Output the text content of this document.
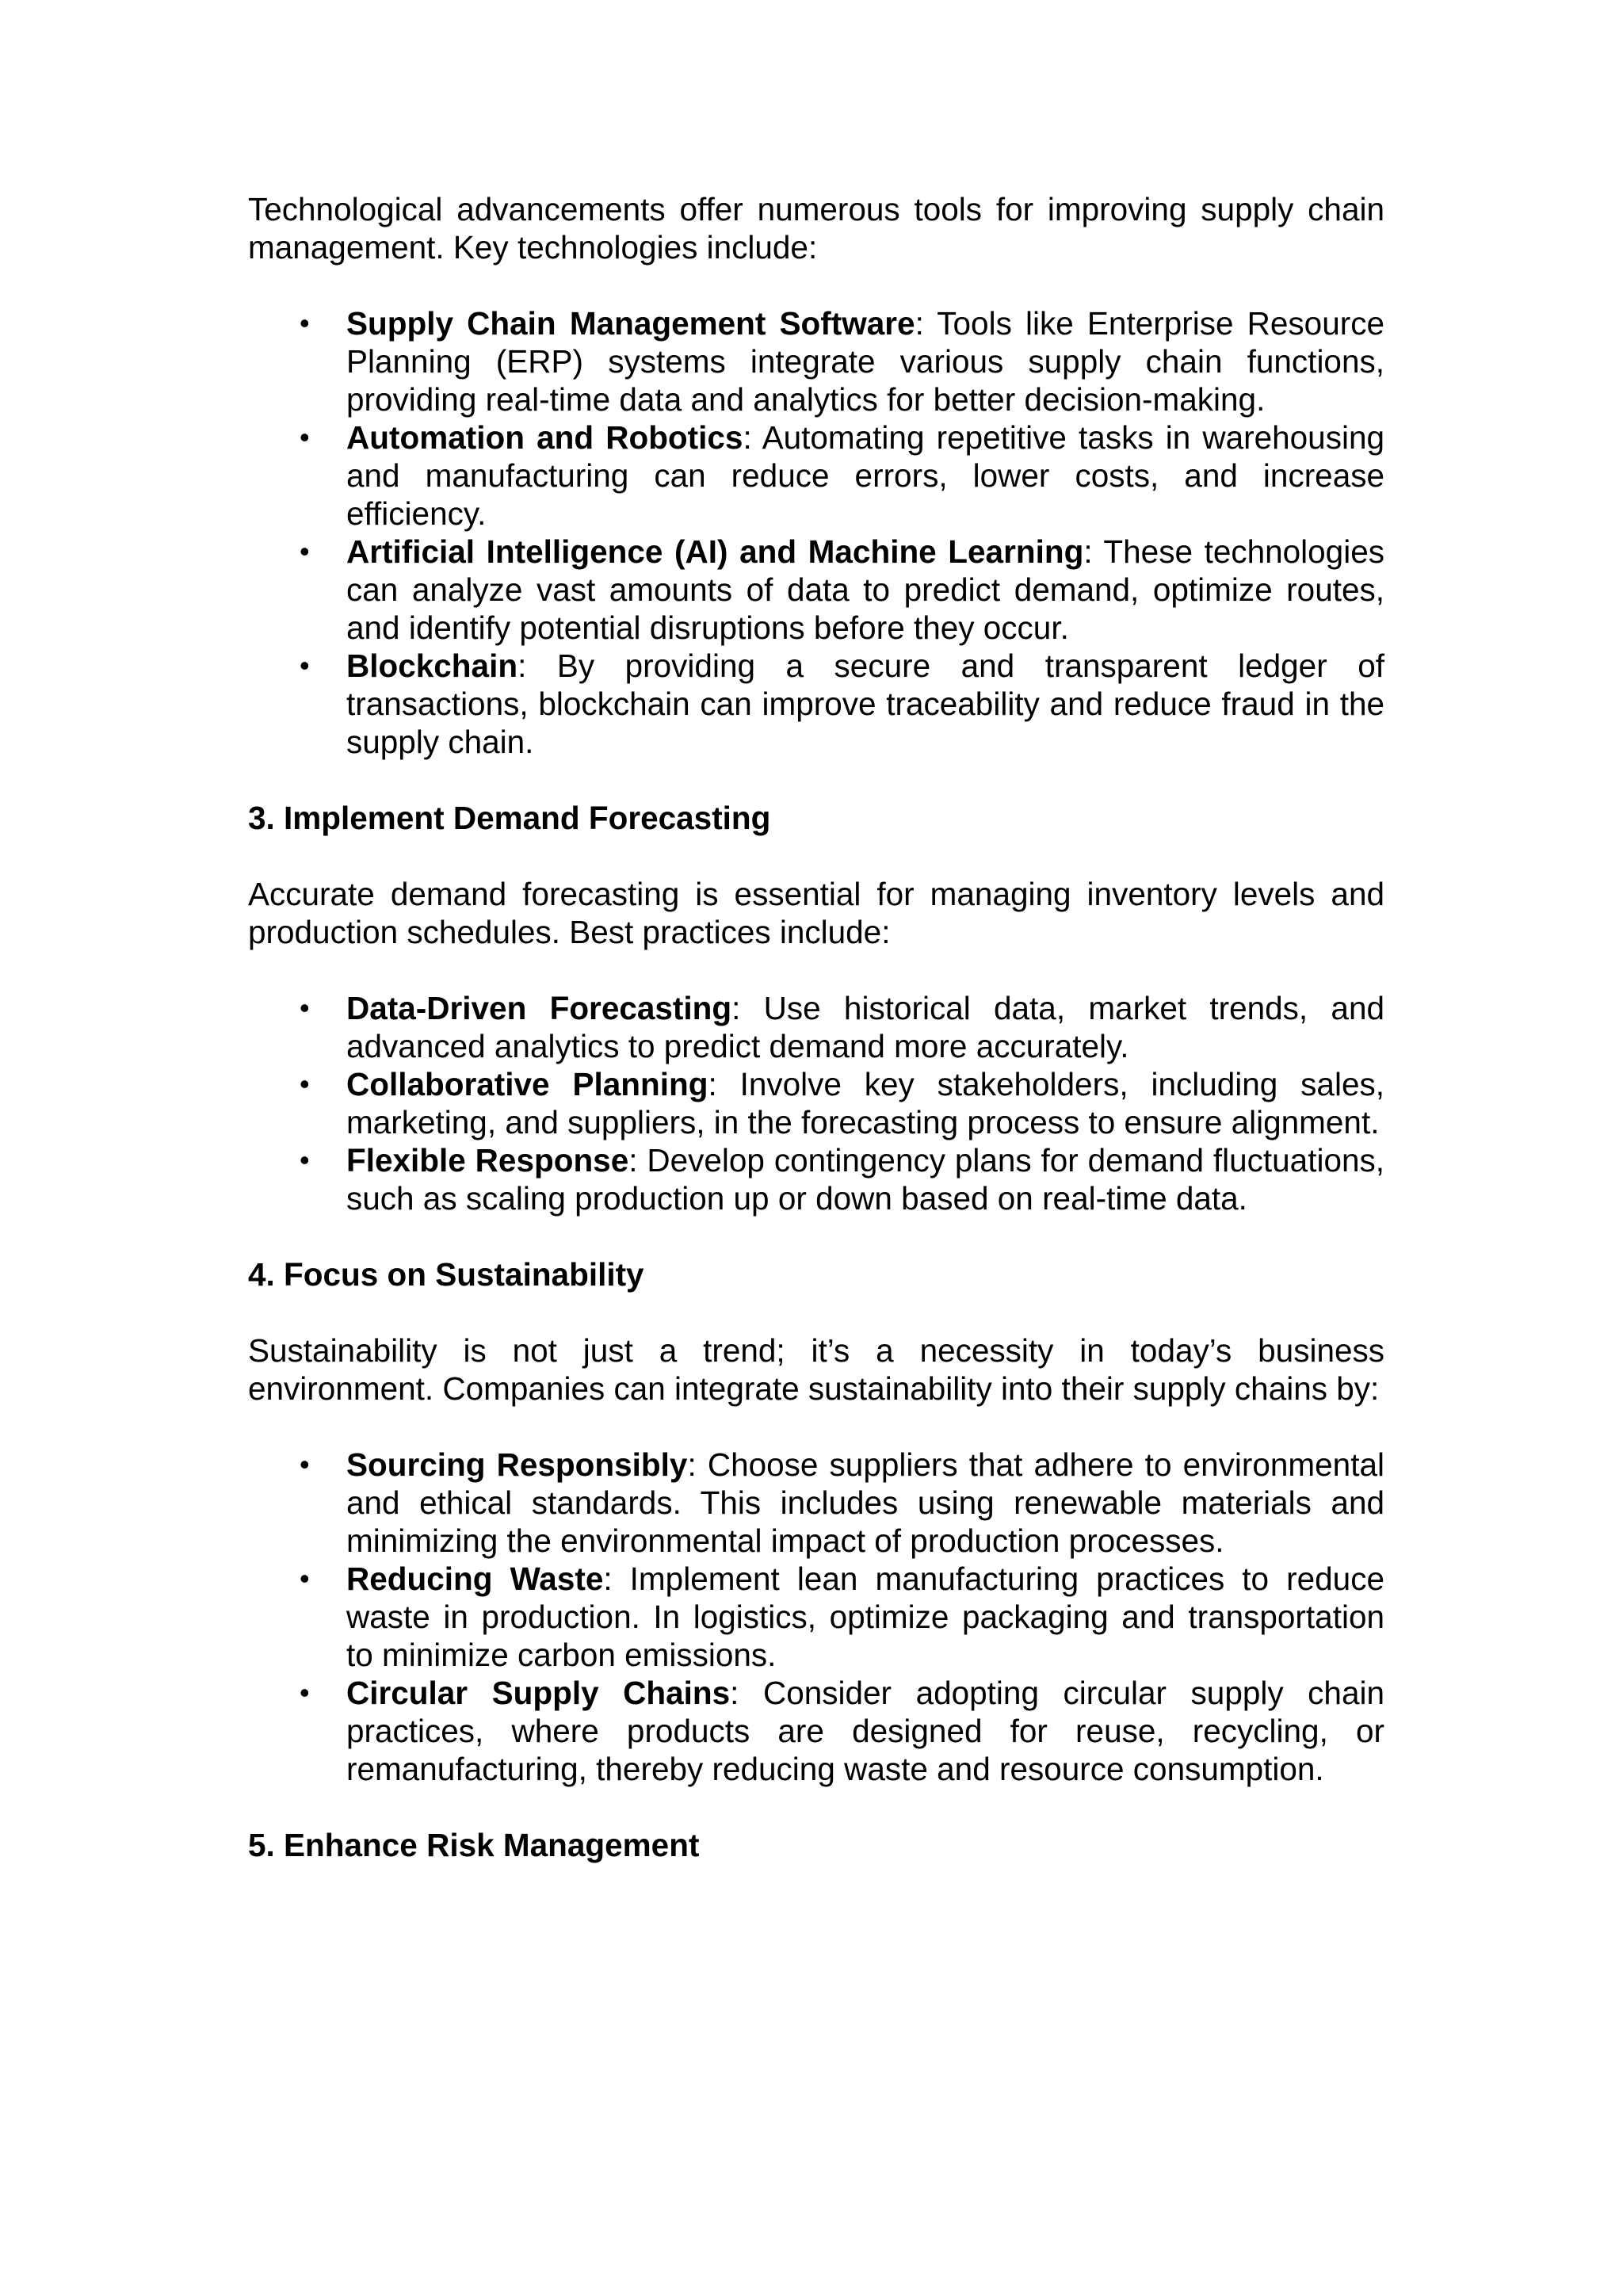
Technological advancements offer numerous tools for improving supply chain management. Key technologies include:

• Supply Chain Management Software: Tools like Enterprise Resource Planning (ERP) systems integrate various supply chain functions, providing real-time data and analytics for better decision-making.
• Automation and Robotics: Automating repetitive tasks in warehousing and manufacturing can reduce errors, lower costs, and increase efficiency.
• Artificial Intelligence (AI) and Machine Learning: These technologies can analyze vast amounts of data to predict demand, optimize routes, and identify potential disruptions before they occur.
• Blockchain: By providing a secure and transparent ledger of transactions, blockchain can improve traceability and reduce fraud in the supply chain.
3. Implement Demand Forecasting

Accurate demand forecasting is essential for managing inventory levels and production schedules. Best practices include:

• Data-Driven Forecasting: Use historical data, market trends, and advanced analytics to predict demand more accurately.
• Collaborative Planning: Involve key stakeholders, including sales, marketing, and suppliers, in the forecasting process to ensure alignment.
• Flexible Response: Develop contingency plans for demand fluctuations, such as scaling production up or down based on real-time data.
4. Focus on Sustainability

Sustainability is not just a trend; it’s a necessity in today’s business environment. Companies can integrate sustainability into their supply chains by:

• Sourcing Responsibly: Choose suppliers that adhere to environmental and ethical standards. This includes using renewable materials and minimizing the environmental impact of production processes.
• Reducing Waste: Implement lean manufacturing practices to reduce waste in production. In logistics, optimize packaging and transportation to minimize carbon emissions.
• Circular Supply Chains: Consider adopting circular supply chain practices, where products are designed for reuse, recycling, or remanufacturing, thereby reducing waste and resource consumption.
5. Enhance Risk Management
